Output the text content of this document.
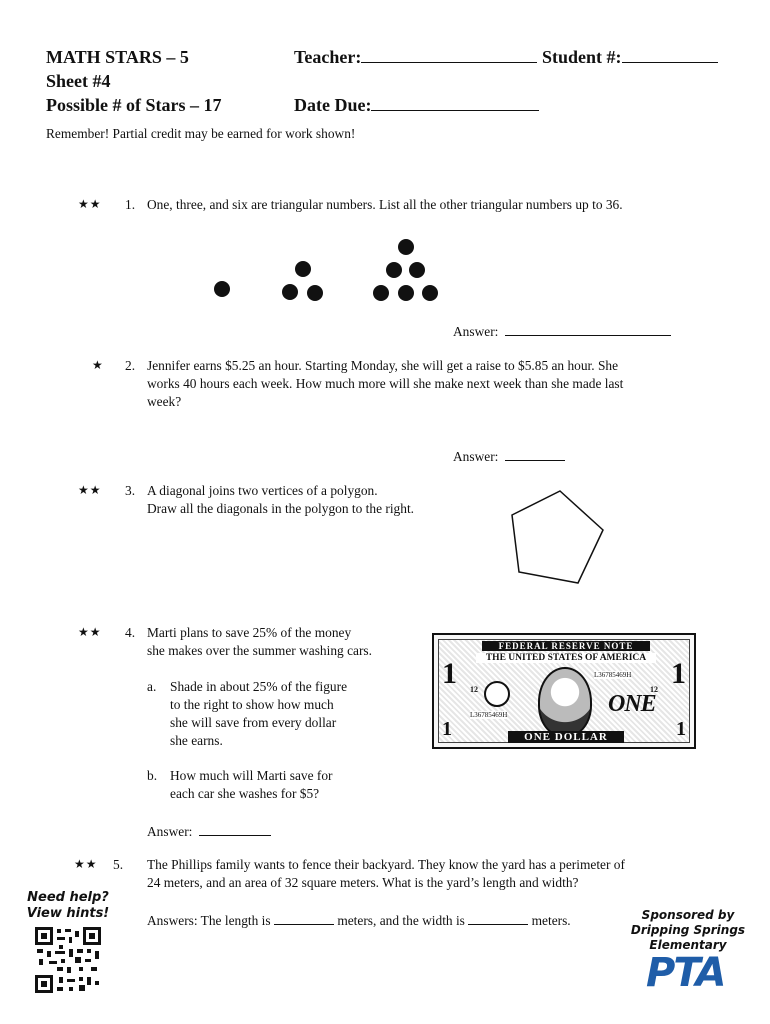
MATH STARS – 5
Sheet #4
Possible # of Stars – 17
Teacher:	Student #:
Date Due:
Remember! Partial credit may be earned for work shown!
★★ 1. One, three, and six are triangular numbers. List all the other triangular numbers up to 36.
Answer:
★ 2. Jennifer earns $5.25 an hour. Starting Monday, she will get a raise to $5.85 an hour. She
works 40 hours each week. How much more will she make next week than she made last
week?
Answer:
★★ 3. A diagonal joins two vertices of a polygon.
Draw all the diagonals in the polygon to the right.
★★ 4. Marti plans to save 25% of the money
she makes over the summer washing cars.
a. Shade in about 25% of the figure
to the right to show how much
she will save from every dollar
she earns.
b. How much will Marti save for
each car she washes for $5?
Answer:
FEDERAL RESERVE NOTE
THE UNITED STATES OF AMERICA
1	1
1	1
L36785469H
L36785469H
12	12
ONE
ONE DOLLAR
★★ 5. The Phillips family wants to fence their backyard. They know the yard has a perimeter of
24 meters, and an area of 32 square meters. What is the yard’s length and width?
Answers: The length is	meters, and the width is	meters.
Need help?
View hints!	Sponsored by
Dripping Springs
Elementary
PTA
